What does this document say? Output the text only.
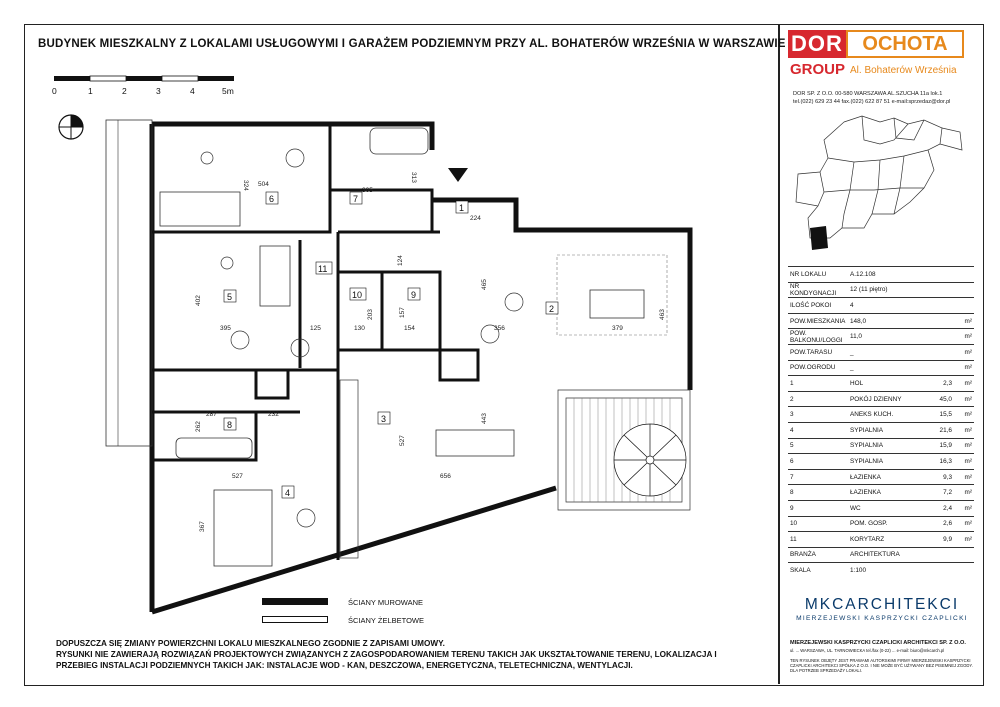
BUDYNEK MIESZKALNY Z LOKALAMI USŁUGOWYMI I GARAŻEM PODZIEMNYM PRZY AL. BOHATERÓW WRZEŚNIA W WARSZAWIE
0	1	2	3	4	5m
DOR OCHOTA
GROUP Al. Bohaterów Września
DOR SP. Z O.O. 00-580 WARSZAWA AL.SZUCHA 11a lok.1
tel.(022) 629 23 44 fax.(022) 622 87 51 e-mail:sprzedaz@dor.pl
NR LOKALU	A.12.108		
NR KONDYGNACJI	12 (11 piętro)		
ILOŚĆ POKOI	4		
POW.MIESZKANIA	148,0		m²
POW. BALKONU/LOGGI	11,0		m²
POW.TARASU	_		m²
POW.OGRODU	_		m²
1	HOL	2,3	m²
2	POKÓJ DZIENNY	45,0	m²
3	ANEKS KUCH.	15,5	m²
4	SYPIALNIA	21,6	m²
5	SYPIALNIA	15,9	m²
6	SYPIALNIA	16,3	m²
7	ŁAZIENKA	9,3	m²
8	ŁAZIENKA	7,2	m²
9	WC	2,4	m²
10	POM. GOSP.	2,6	m²
11	KORYTARZ	9,9	m²
BRANŻA	ARCHITEKTURA		
SKALA	1:100		
1
2
3
4
5
6	7
8
9
10
11
224
465
356	379
463
527
443
656
527
367
402
395	125
324 504
305
313
287
262
232
157
154
203
130
124
ŚCIANY MUROWANE
ŚCIANY ŻELBETOWE
DOPUSZCZA SIĘ ZMIANY POWIERZCHNI LOKALU MIESZKALNEGO ZGODNIE Z ZAPISAMI UMOWY.
RYSUNKI NIE ZAWIERAJĄ ROZWIĄZAŃ PROJEKTOWYCH ZWIĄZANYCH Z ZAGOSPODAROWANIEM TERENU TAKICH JAK UKSZTAŁTOWANIE TERENU, LOKALIZACJA I PRZEBIEG INSTALACJI PODZIEMNYCH TAKICH JAK: INSTALACJE WOD - KAN, DESZCZOWA, ENERGETYCZNA, TELETECHNICZNA, WENTYLACJI.
MKCARCHITEKCI
MIERZEJEWSKI KASPRZYCKI CZAPLICKI
MIERZEJEWSKI KASPRZYCKI CZAPLICKI ARCHITEKCI SP. Z O.O.
ul. ... WARSZAWA, UL. TARNOWIECKA tel./fax (0-22) ... e-mail: biuro@mkcarch.pl
TEN RYSUNEK OBJĘTY JEST PRAWAMI AUTORSKIMI FIRMY MIERZEJEWSKI KASPRZYCKI CZAPLICKI ARCHITEKCI SPÓŁKA Z O.O. I NIE MOŻE BYĆ UŻYWANY BEZ PISEMNEJ ZGODY. DLA POTRZEB SPRZEDAŻY LOKALI.
